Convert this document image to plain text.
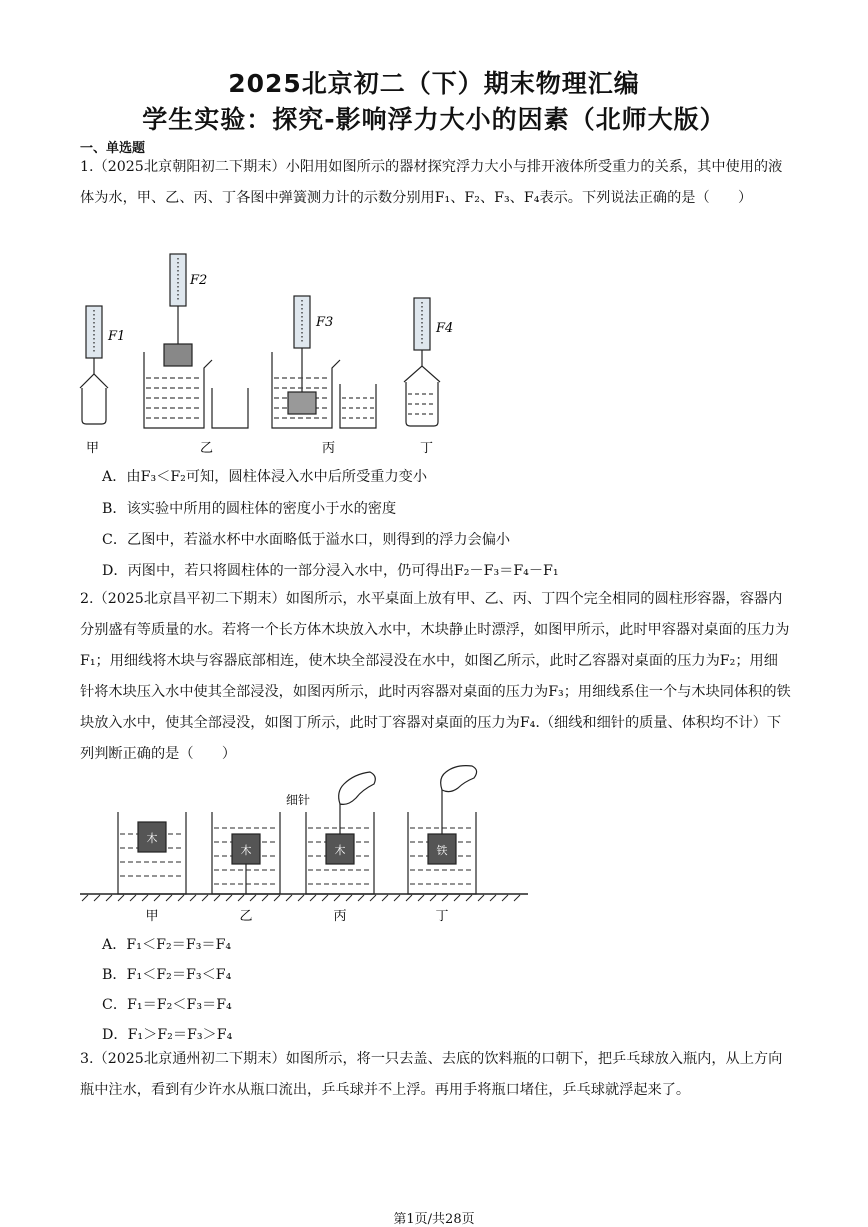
2025北京初二（下）期末物理汇编
学生实验：探究-影响浮力大小的因素（北师大版）
一、单选题
1.（2025北京朝阳初二下期末）小阳用如图所示的器材探究浮力大小与排开液体所受重力的关系，其中使用的液体为水，甲、乙、丙、丁各图中弹簧测力计的示数分别用F₁、F₂、F₃、F₄表示。下列说法正确的是（　　）
F1
F2
F3	F4
甲	乙	丙	丁
A．由F₃＜F₂可知，圆柱体浸入水中后所受重力变小
B．该实验中所用的圆柱体的密度小于水的密度
C．乙图中，若溢水杯中水面略低于溢水口，则得到的浮力会偏小
D．丙图中，若只将圆柱体的一部分浸入水中，仍可得出F₂－F₃＝F₄－F₁
2.（2025北京昌平初二下期末）如图所示，水平桌面上放有甲、乙、丙、丁四个完全相同的圆柱形容器，容器内分别盛有等质量的水。若将一个长方体木块放入水中，木块静止时漂浮，如图甲所示，此时甲容器对桌面的压力为F₁；用细线将木块与容器底部相连，使木块全部浸没在水中，如图乙所示，此时乙容器对桌面的压力为F₂；用细针将木块压入水中使其全部浸没，如图丙所示，此时丙容器对桌面的压力为F₃；用细线系住一个与木块同体积的铁块放入水中，使其全部浸没，如图丁所示，此时丁容器对桌面的压力为F₄.（细线和细针的质量、体积均不计）下列判断正确的是（　　）
木
木	木	铁
细针
甲	乙	丙	丁
A．F₁＜F₂＝F₃＝F₄
B．F₁＜F₂＝F₃＜F₄
C．F₁＝F₂＜F₃＝F₄
D．F₁＞F₂＝F₃＞F₄
3.（2025北京通州初二下期末）如图所示，将一只去盖、去底的饮料瓶的口朝下，把乒乓球放入瓶内，从上方向瓶中注水，看到有少许水从瓶口流出，乒乓球并不上浮。再用手将瓶口堵住，乒乓球就浮起来了。
第1页/共28页
